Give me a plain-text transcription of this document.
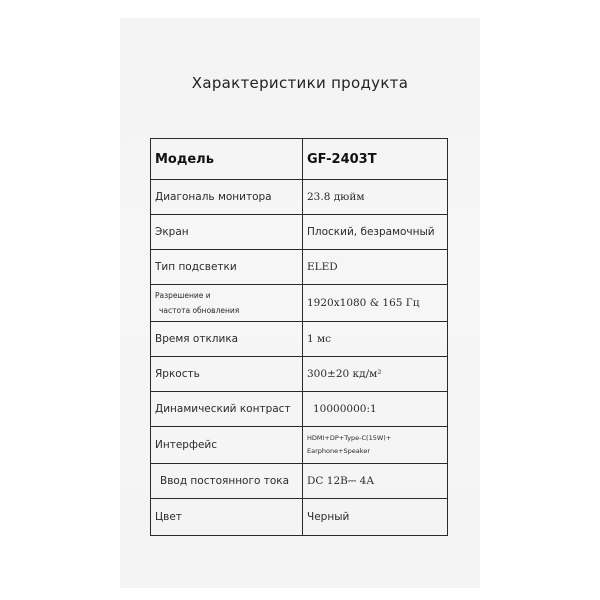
Характеристики продукта
Модель	GF-2403T
Диагональ монитора	23.8 дюйм
Экран	Плоский, безрамочный
Тип подсветки	ELED

Разрешение и
частота обновления	1920x1080 & 165 Гц
Время отклика	1 мс
Яркость	300±20 кд/м²
Динамический контраст	10000000:1
Интерфейс	HDMI+DP+Type-C(15W)+
Earphone+Speaker

Ввод постоянного тока	DC 12В⎓ 4А
Цвет	Черный
